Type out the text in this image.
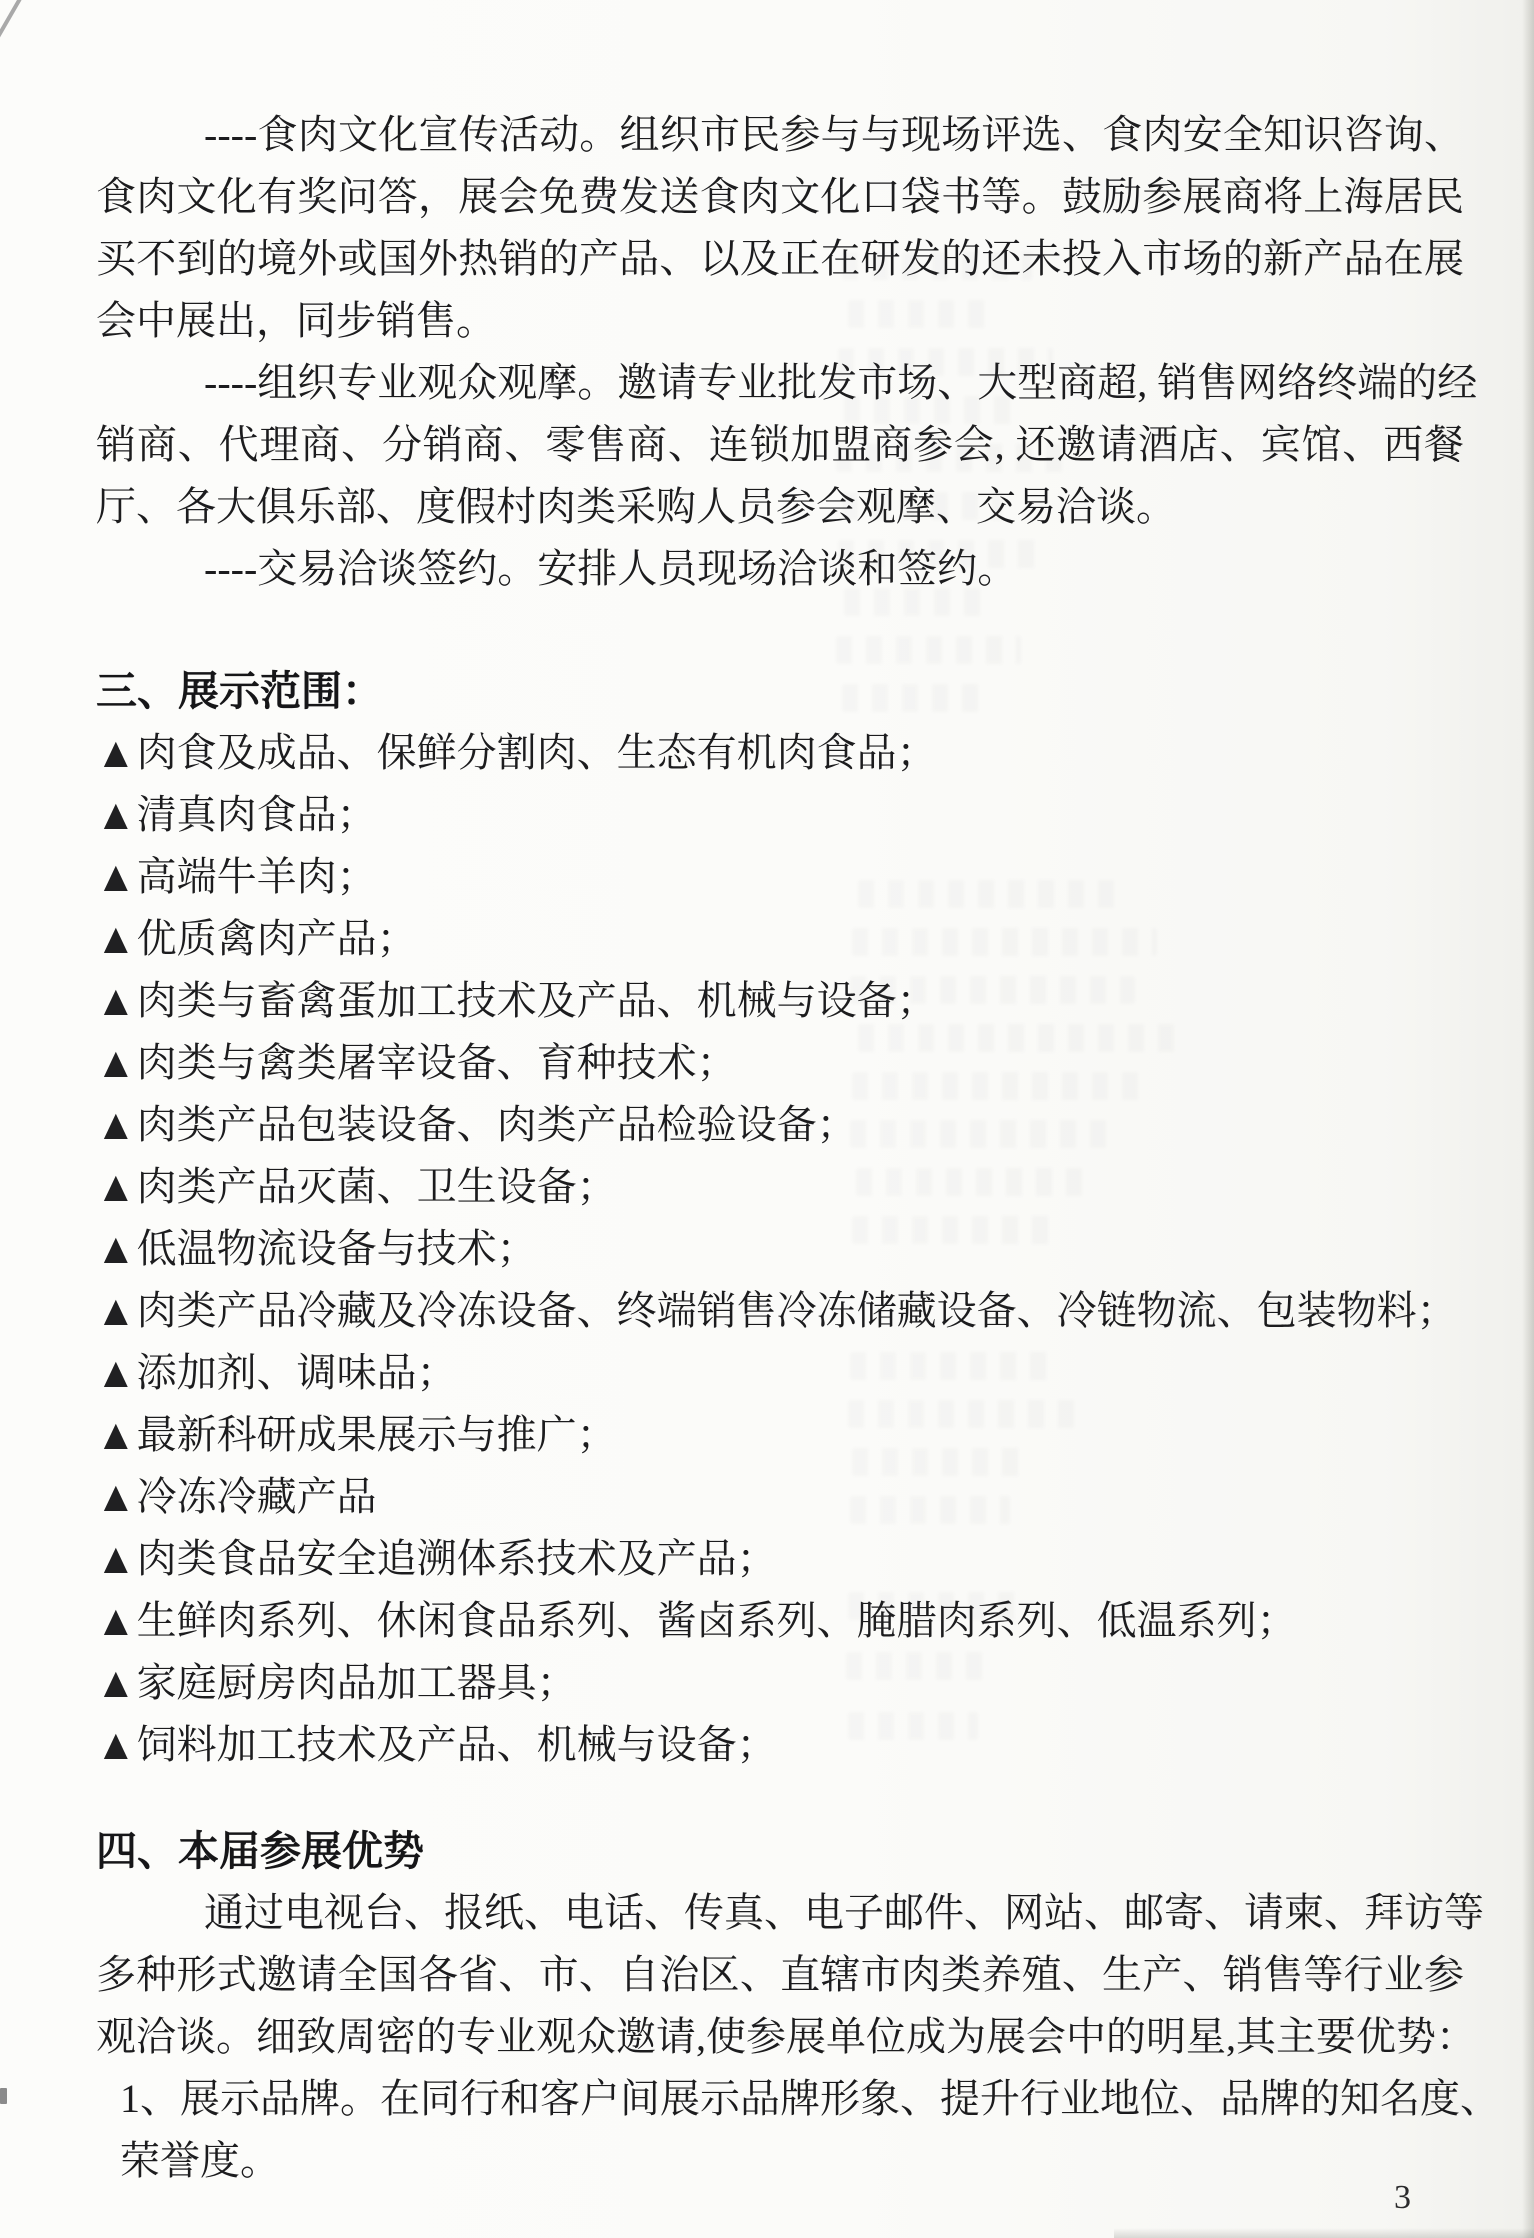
----食肉文化宣传活动。组织市民参与与现场评选、食肉安全知识咨询、
食肉文化有奖问答，展会免费发送食肉文化口袋书等。鼓励参展商将上海居民
买不到的境外或国外热销的产品、以及正在研发的还未投入市场的新产品在展
会中展出，同步销售。
----组织专业观众观摩。邀请专业批发市场、大型商超, 销售网络终端的经
销商、代理商、分销商、零售商、连锁加盟商参会, 还邀请酒店、宾馆、西餐
厅、各大俱乐部、度假村肉类采购人员参会观摩、交易洽谈。
----交易洽谈签约。安排人员现场洽谈和签约。
三、展示范围：
▲肉食及成品、保鲜分割肉、生态有机肉食品；
▲清真肉食品；
▲高端牛羊肉；
▲优质禽肉产品；
▲肉类与畜禽蛋加工技术及产品、机械与设备；
▲肉类与禽类屠宰设备、育种技术；
▲肉类产品包装设备、肉类产品检验设备；
▲肉类产品灭菌、卫生设备；
▲低温物流设备与技术；
▲肉类产品冷藏及冷冻设备、终端销售冷冻储藏设备、冷链物流、包装物料；
▲添加剂、调味品；
▲最新科研成果展示与推广；
▲冷冻冷藏产品
▲肉类食品安全追溯体系技术及产品；
▲生鲜肉系列、休闲食品系列、酱卤系列、腌腊肉系列、低温系列；
▲家庭厨房肉品加工器具；
▲饲料加工技术及产品、机械与设备；
四、本届参展优势
通过电视台、报纸、电话、传真、电子邮件、网站、邮寄、请柬、拜访等
多种形式邀请全国各省、市、自治区、直辖市肉类养殖、生产、销售等行业参
观洽谈。细致周密的专业观众邀请,使参展单位成为展会中的明星,其主要优势：
1、展示品牌。在同行和客户间展示品牌形象、提升行业地位、品牌的知名度、
荣誉度。
3
